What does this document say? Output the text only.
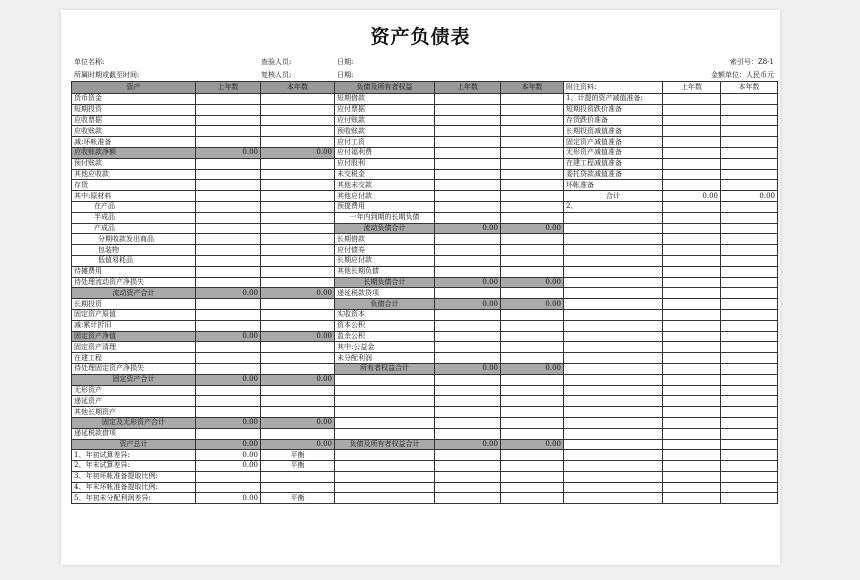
资产负债表
单位名称:	查验人员:	日期:	索引号：Z8-1
所属时期或截至时间:	复核人员:	日期:	金额单位：人民币元
资产	上年数	本年数	负债及所有者权益	上年数	本年数	附注资料:	上年数	本年数
货币资金			短期借款			1、计提的资产减值准备:		
短期投资			应付票据			短期投资跌价准备		
应收票据			应付账款			存货跌价准备		
应收账款			预收账款			长期投资减值准备		
减:坏帐准备			应付工资			固定资产减值准备		
应收账款净额	0.00	0.00	应付福利费			无形资产减值准备		
预付账款			应付股利			在建工程减值准备		
其他应收款			未交税金			委托贷款减值准备		
存货			其他未交款			坏帐准备		
其中:原材料			其他应付款			合计	0.00	0.00
在产品			预提费用			2、		
半成品			一年内到期的长期负债					
产成品			流动负债合计	0.00	0.00			
分期收款发出商品			长期借款					
包装物			应付债券					
低值易耗品			长期应付款					
待摊费用			其他长期负债					
待处理流动资产净损失			长期负债合计	0.00	0.00			
流动资产合计	0.00	0.00	递延税款贷项					
长期投资			负债合计	0.00	0.00			
固定资产原值			实收资本					
减:累计折旧			资本公积					
固定资产净值	0.00	0.00	盈余公积					
固定资产清理			其中:公益金					
在建工程			未分配利润					
待处理固定资产净损失			所有者权益合计	0.00	0.00			
固定资产合计	0.00	0.00						
无形资产								
递延资产								
其他长期资产								
固定及无形资产合计	0.00	0.00						
递延税款借项								
资产总计	0.00	0.00	负债及所有者权益合计	0.00	0.00			
1、年初试算差异:	0.00	平衡						
2、年末试算差异:	0.00	平衡						
3、年初坏帐准备提取比例:								
4、年末坏帐准备提取比例:								
5、年初未分配利润差异:	0.00	平衡						
